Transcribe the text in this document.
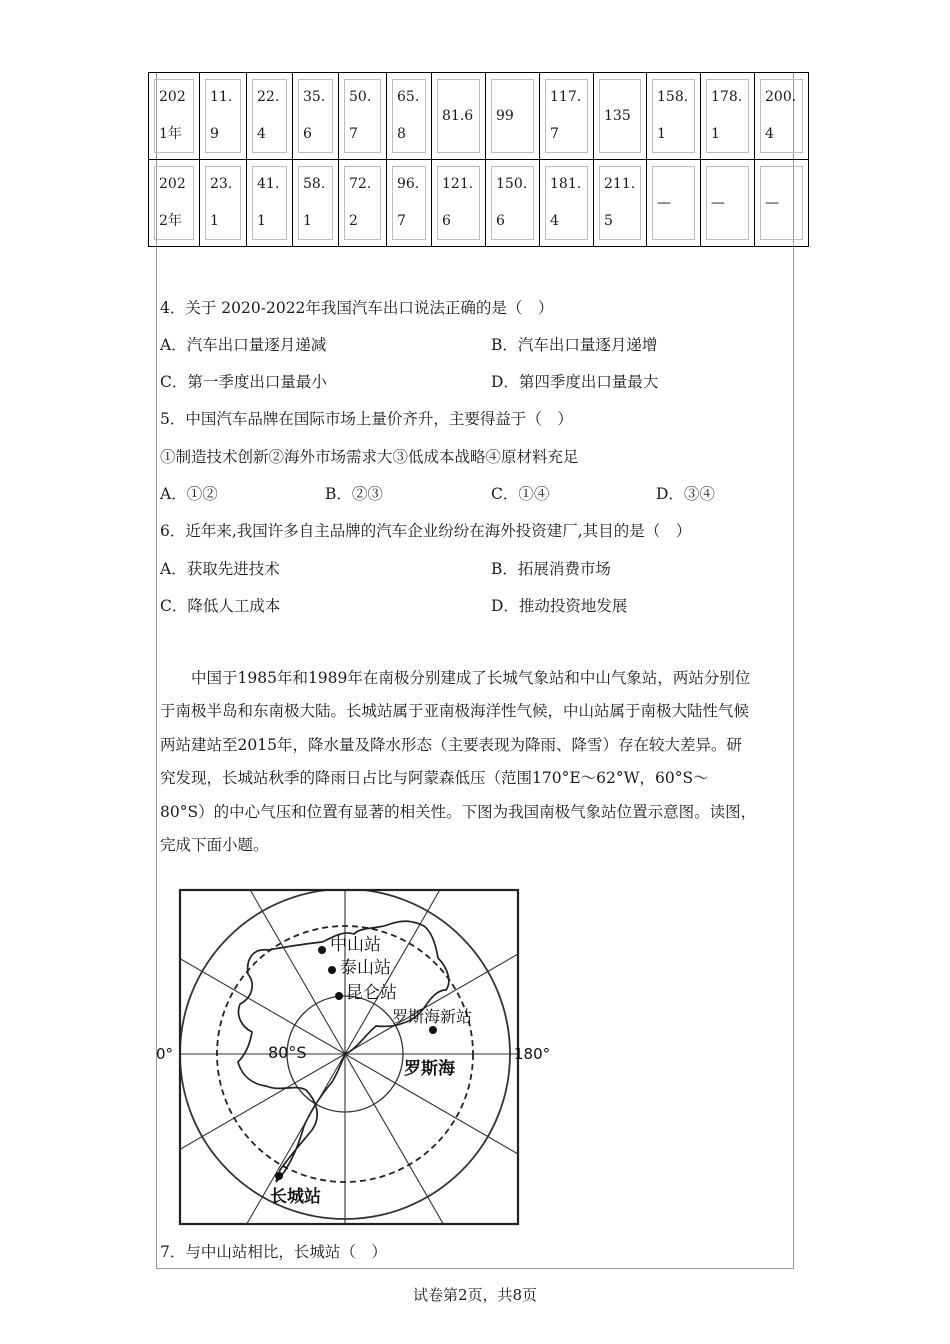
2021年	11.9	22.4	35.6	50.7	65.8	81.6	99	117.7	135	158.1	178.1	200.4

2022年	23.1	41.1	58.1	72.2	96.7	121.6	150.6	181.4	211.5	—	—	—
4．关于 2020-2022年我国汽车出口说法正确的是（　）
A．汽车出口量逐月递减	B．汽车出口量逐月递增
C．第一季度出口量最小	D．第四季度出口量最大
5．中国汽车品牌在国际市场上量价齐升，主要得益于（　）
①制造技术创新②海外市场需求大③低成本战略④原材料充足
A．①②	B．②③	C．①④	D．③④
6．近年来,我国许多自主品牌的汽车企业纷纷在海外投资建厂,其目的是（　）
A．获取先进技术	B．拓展消费市场
C．降低人工成本	D．推动投资地发展
　　中国于1985年和1989年在南极分别建成了长城气象站和中山气象站，两站分别位
于南极半岛和东南极大陆。长城站属于亚南极海洋性气候，中山站属于南极大陆性气候
两站建站至2015年，降水量及降水形态（主要表现为降雨、降雪）存在较大差异。研
究发现，长城站秋季的降雨日占比与阿蒙森低压（范围170°E～62°W，60°S～
80°S）的中心气压和位置有显著的相关性。下图为我国南极气象站位置示意图。读图，
完成下面小题。
中山站
泰山站
昆仑站
罗斯海新站
罗斯海
80°S
0°	180°
长城站
7．与中山站相比，长城站（　）
试卷第2页，共8页
